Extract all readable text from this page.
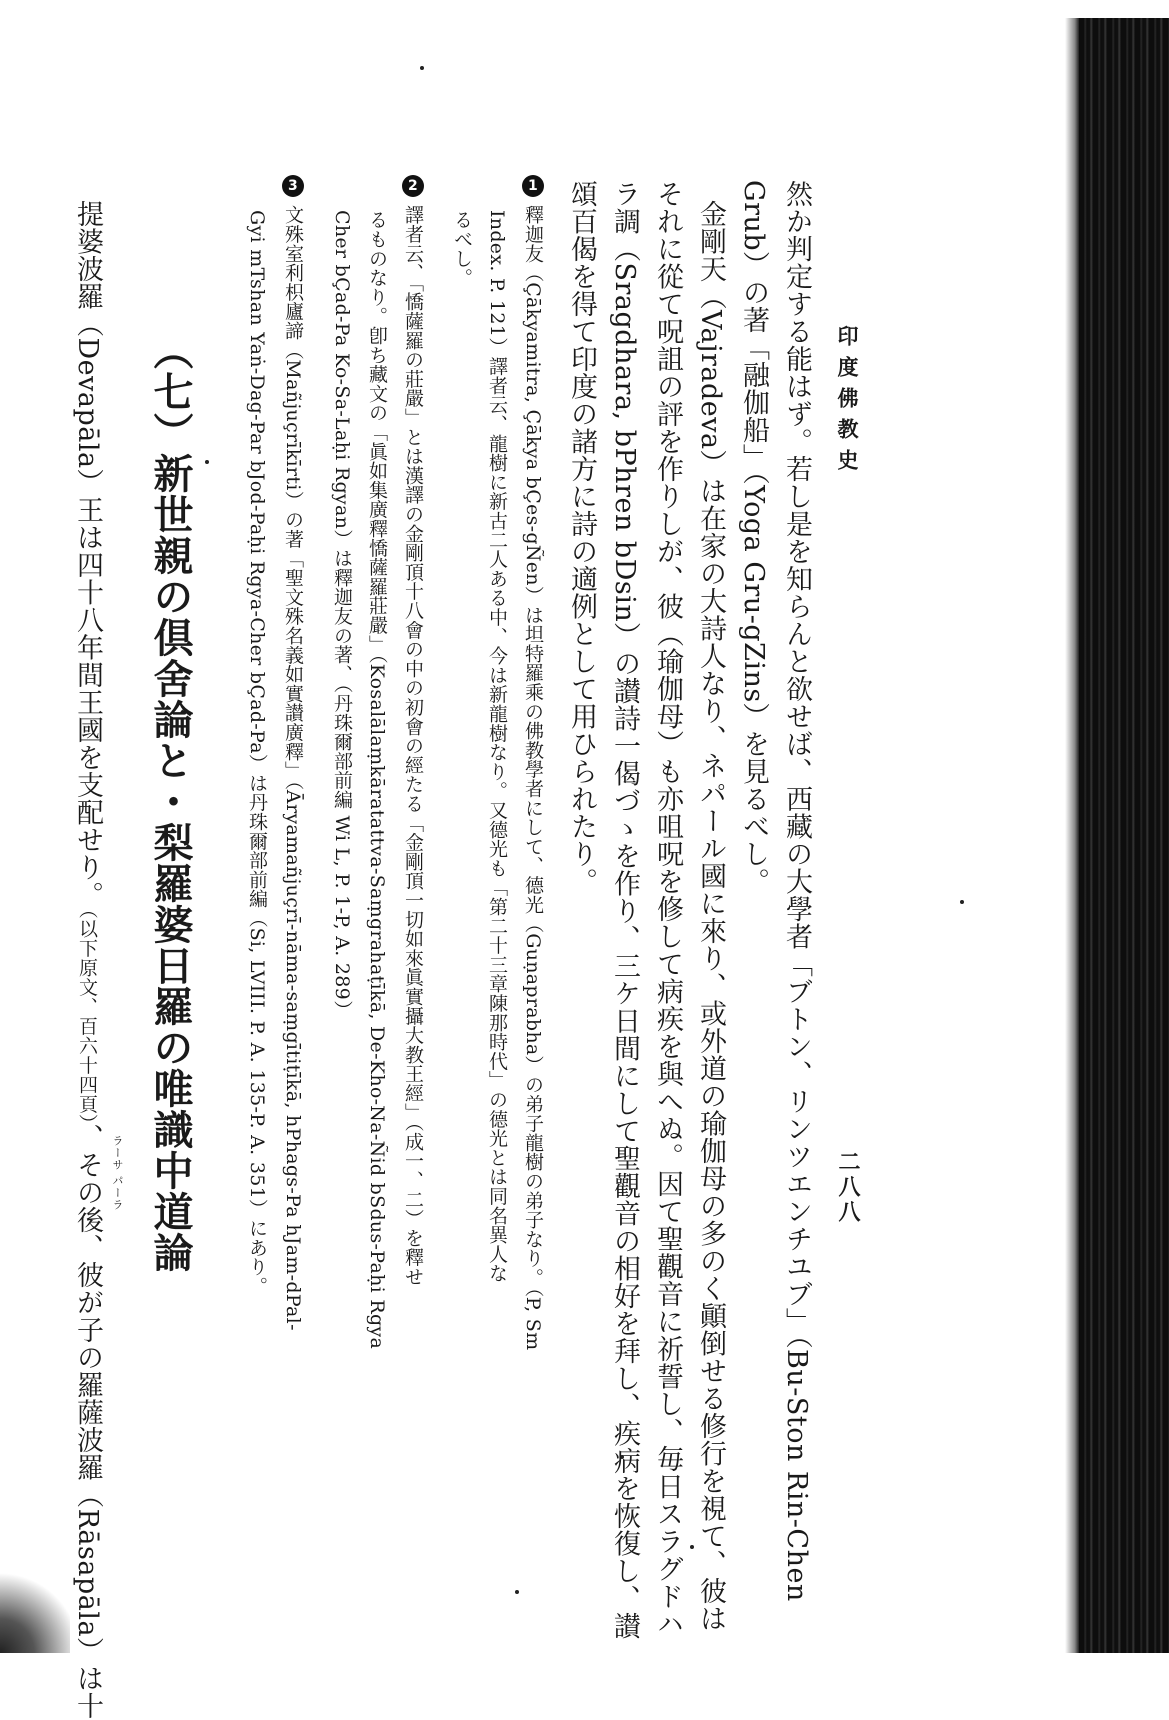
印度佛教史
二八八
然か判定する能はず。若し是を知らんと欲せば、西藏の大學者「ブトン、リンツエンチユブ」（Bu-Ston Rin-Chen
Grub）の著「融伽船」（Yoga Gru-gZins）を見るべし。
金剛天（Vajradeva）は在家の大詩人なり、ネパール國に來り、或外道の瑜伽母の多のく顚倒せる修行を視て、彼は
それに從て呪詛の評を作りしが、彼（瑜伽母）も亦咀呪を修して病疾を與へぬ。因て聖觀音に祈誓し、毎日スラグドハ
ラ調（Sragdhara, bPhren bDsin）の讃詩一偈づゝを作り、三ケ日間にして聖觀音の相好を拜し、疾病を恢復し、讃
頌百偈を得て印度の諸方に詩の適例として用ひられたり。
1釋迦友（Çākyamitra, Çākya bÇes-gÑen）は坦特羅乘の佛教學者にして、德光（Guṇaprabha）の弟子龍樹の弟子なり。（P, Sm
Index. P. 121）譯者云、龍樹に新古二人ある中、今は新龍樹なり。又德光も「第二十三章陳那時代」の德光とは同名異人な
るべし。
2譯者云、「憍薩羅の莊嚴」とは漢譯の金剛頂十八會の中の初會の經たる「金剛頂一切如來眞實攝大教王經」（成一、二）を釋せ
るものなり。卽ち藏文の「眞如集廣釋憍薩羅莊嚴」（Kosalālaṃkāratattva-Saṃgrahaṭīkā, De-Kho-Na-Ñid bSdus-Paḥi Rgya
Cher bÇad-Pa Ko-Sa-Laḥi Rgyan）は釋迦友の著、（丹珠爾部前編 Wi L, P. 1-P, A. 289）
3文殊室利枳廬諦（Mañjuçrīkīrti）の著「聖文殊名義如實讃廣釋」（Āryamañjuçrī-nāma-saṃgītiṭīkā, hPhags-Pa hJam-dPal-
Gyi mTshan Yaṅ-Dag-Par bJod-Paḥi Rgya-Cher bÇad-Pa）は丹珠爾部前編（Si, LVIII. P. A. 135-P. A. 351）にあり。
（七）新世親の倶舍論と・梨羅婆日羅の唯識中道論
提婆波羅（Devapāla）王は四十八年間王國を支配せり。（以下原文、百六十四頁）、その後、彼が子の羅薩波羅（Rāsapāla）は十 ラーサ
パーラ
